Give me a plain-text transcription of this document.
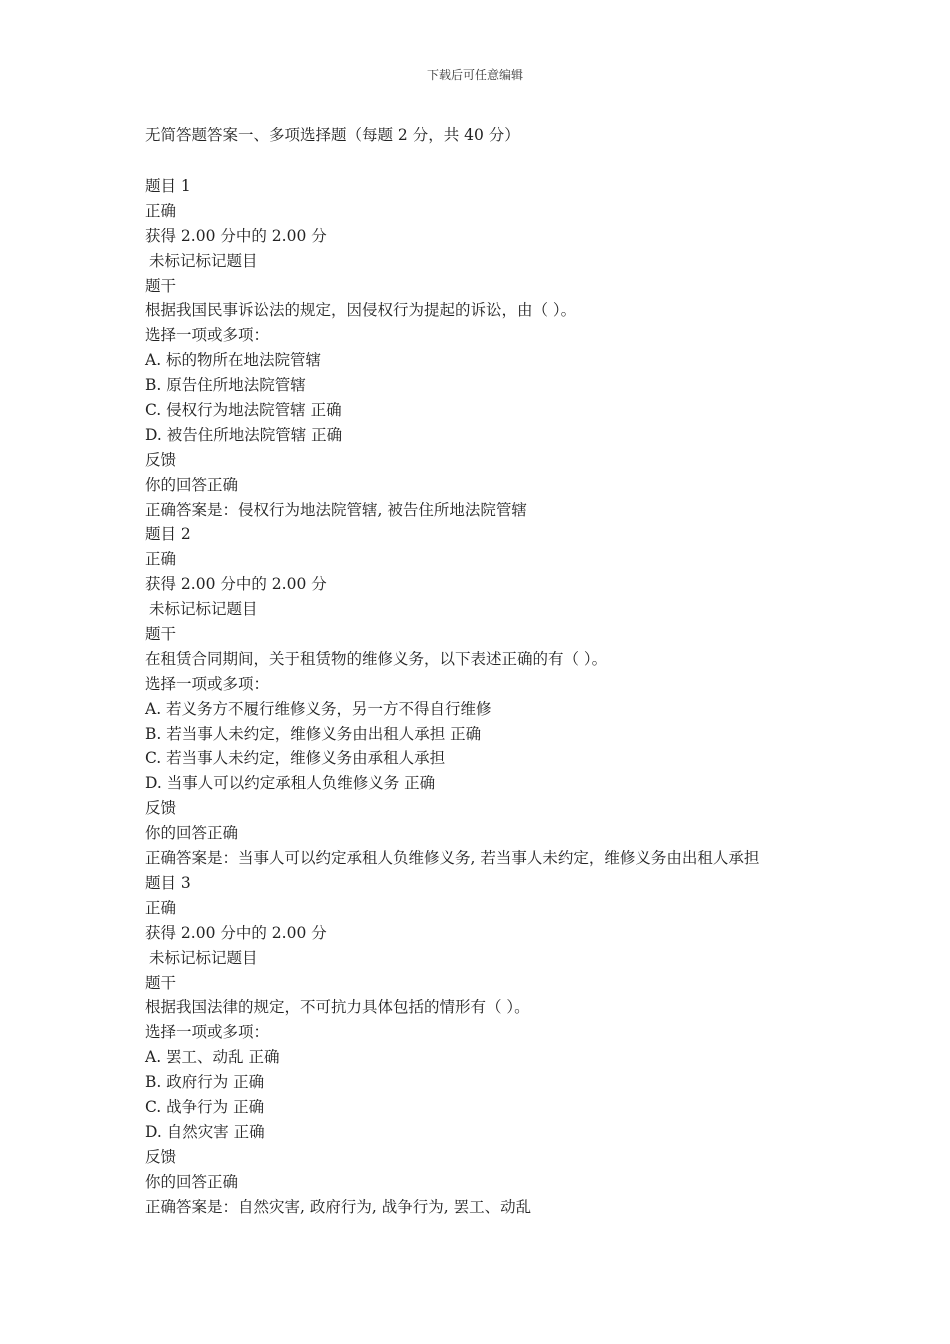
下载后可任意编辑
无简答题答案一、多项选择题（每题 2 分，共 40 分）
题目 1
正确
获得 2.00 分中的 2.00 分
未标记标记题目
题干
根据我国民事诉讼法的规定，因侵权行为提起的诉讼，由（ ）。
选择一项或多项：
A. 标的物所在地法院管辖
B. 原告住所地法院管辖
C. 侵权行为地法院管辖 正确
D. 被告住所地法院管辖 正确
反馈
你的回答正确
正确答案是：侵权行为地法院管辖, 被告住所地法院管辖
题目 2
正确
获得 2.00 分中的 2.00 分
未标记标记题目
题干
在租赁合同期间，关于租赁物的维修义务，以下表述正确的有（ ）。
选择一项或多项：
A. 若义务方不履行维修义务，另一方不得自行维修
B. 若当事人未约定，维修义务由出租人承担 正确
C. 若当事人未约定，维修义务由承租人承担
D. 当事人可以约定承租人负维修义务 正确
反馈
你的回答正确
正确答案是：当事人可以约定承租人负维修义务, 若当事人未约定，维修义务由出租人承担
题目 3
正确
获得 2.00 分中的 2.00 分
未标记标记题目
题干
根据我国法律的规定，不可抗力具体包括的情形有（ ）。
选择一项或多项：
A. 罢工、动乱 正确
B. 政府行为 正确
C. 战争行为 正确
D. 自然灾害 正确
反馈
你的回答正确
正确答案是：自然灾害, 政府行为, 战争行为, 罢工、动乱
